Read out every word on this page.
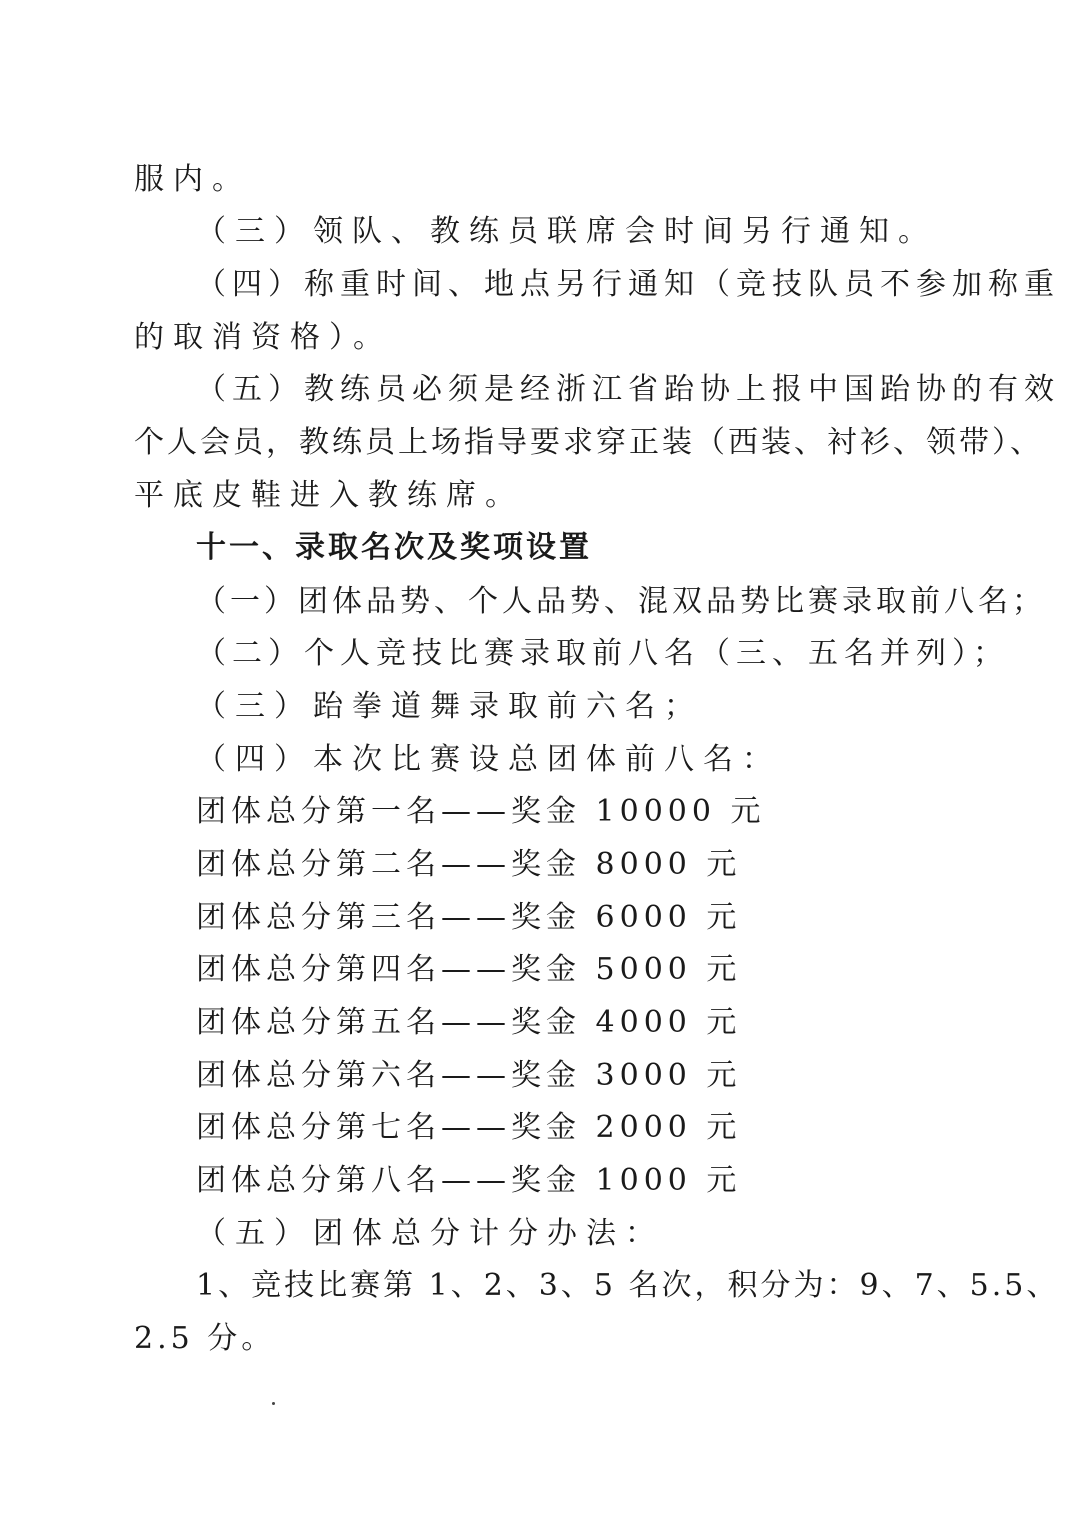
服内。
（三）领队、教练员联席会时间另行通知。
（四）称重时间、地点另行通知（竞技队员不参加称重
的取消资格）。
（五）教练员必须是经浙江省跆协上报中国跆协的有效
个人会员，教练员上场指导要求穿正装（西装、衬衫、领带）、
平底皮鞋进入教练席。
十一、录取名次及奖项设置
（一）团体品势、个人品势、混双品势比赛录取前八名；
（二）个人竞技比赛录取前八名（三、五名并列）；
（三）跆拳道舞录取前六名；
（四）本次比赛设总团体前八名：
团体总分第一名——奖金 10000 元
团体总分第二名——奖金 8000 元
团体总分第三名——奖金 6000 元
团体总分第四名——奖金 5000 元
团体总分第五名——奖金 4000 元
团体总分第六名——奖金 3000 元
团体总分第七名——奖金 2000 元
团体总分第八名——奖金 1000 元
（五）团体总分计分办法：
1、竞技比赛第 1、2、3、5 名次，积分为：9、7、5.5、
2.5 分。
